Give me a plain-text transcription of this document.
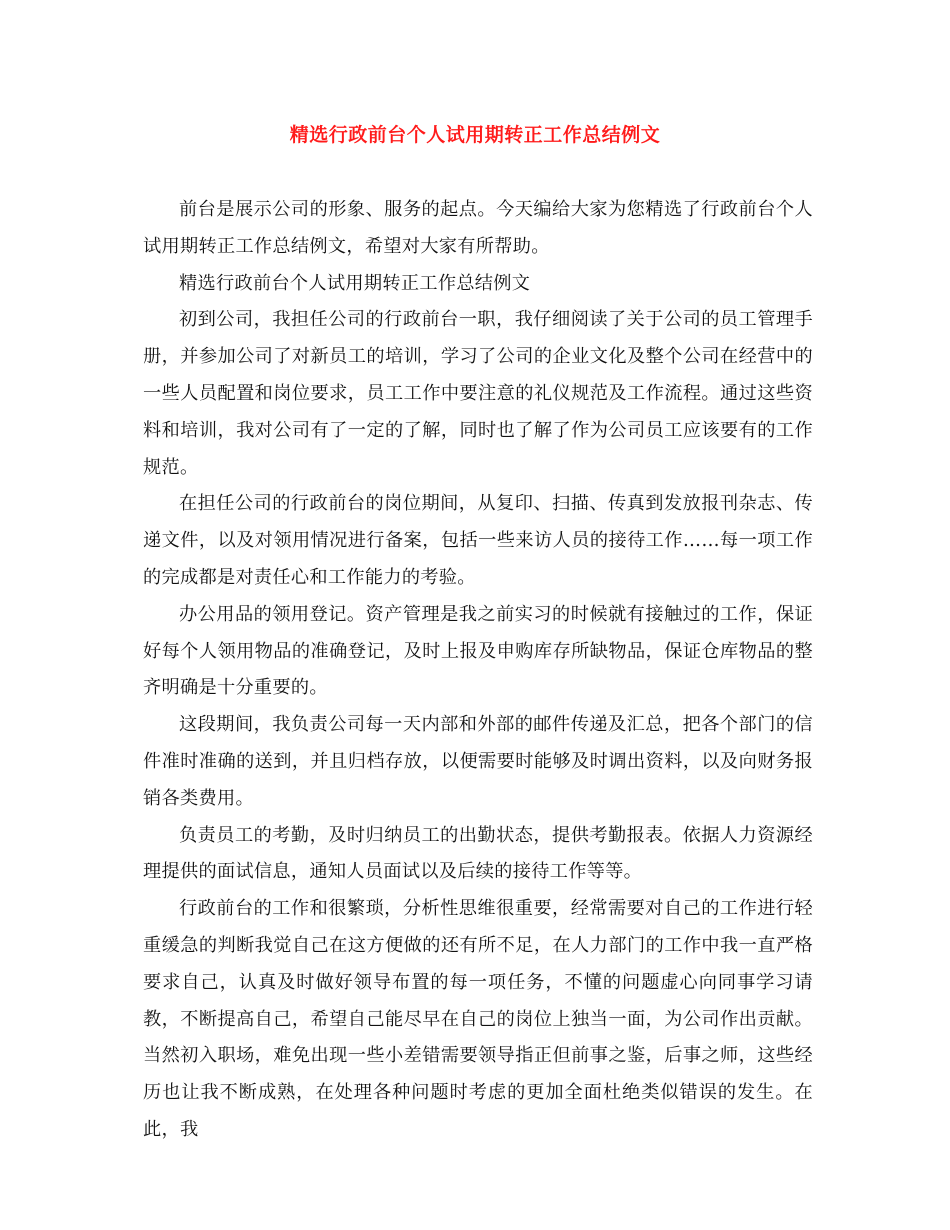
精选行政前台个人试用期转正工作总结例文

前台是展示公司的形象、服务的起点。今天编给大家为您精选了行政前台个人试用期转正工作总结例文，希望对大家有所帮助。

精选行政前台个人试用期转正工作总结例文

初到公司，我担任公司的行政前台一职，我仔细阅读了关于公司的员工管理手册，并参加公司了对新员工的培训，学习了公司的企业文化及整个公司在经营中的一些人员配置和岗位要求，员工工作中要注意的礼仪规范及工作流程。通过这些资料和培训，我对公司有了一定的了解，同时也了解了作为公司员工应该要有的工作规范。

在担任公司的行政前台的岗位期间，从复印、扫描、传真到发放报刊杂志、传递文件，以及对领用情况进行备案，包括一些来访人员的接待工作……每一项工作的完成都是对责任心和工作能力的考验。

办公用品的领用登记。资产管理是我之前实习的时候就有接触过的工作，保证好每个人领用物品的准确登记，及时上报及申购库存所缺物品，保证仓库物品的整齐明确是十分重要的。

这段期间，我负责公司每一天内部和外部的邮件传递及汇总，把各个部门的信件准时准确的送到，并且归档存放，以便需要时能够及时调出资料，以及向财务报销各类费用。

负责员工的考勤，及时归纳员工的出勤状态，提供考勤报表。依据人力资源经理提供的面试信息，通知人员面试以及后续的接待工作等等。

行政前台的工作和很繁琐，分析性思维很重要，经常需要对自己的工作进行轻重缓急的判断我觉自己在这方便做的还有所不足，在人力部门的工作中我一直严格要求自己，认真及时做好领导布置的每一项任务，不懂的问题虚心向同事学习请教，不断提高自己，希望自己能尽早在自己的岗位上独当一面，为公司作出贡献。当然初入职场，难免出现一些小差错需要领导指正但前事之鉴，后事之师，这些经历也让我不断成熟，在处理各种问题时考虑的更加全面杜绝类似错误的发生。在此，我
